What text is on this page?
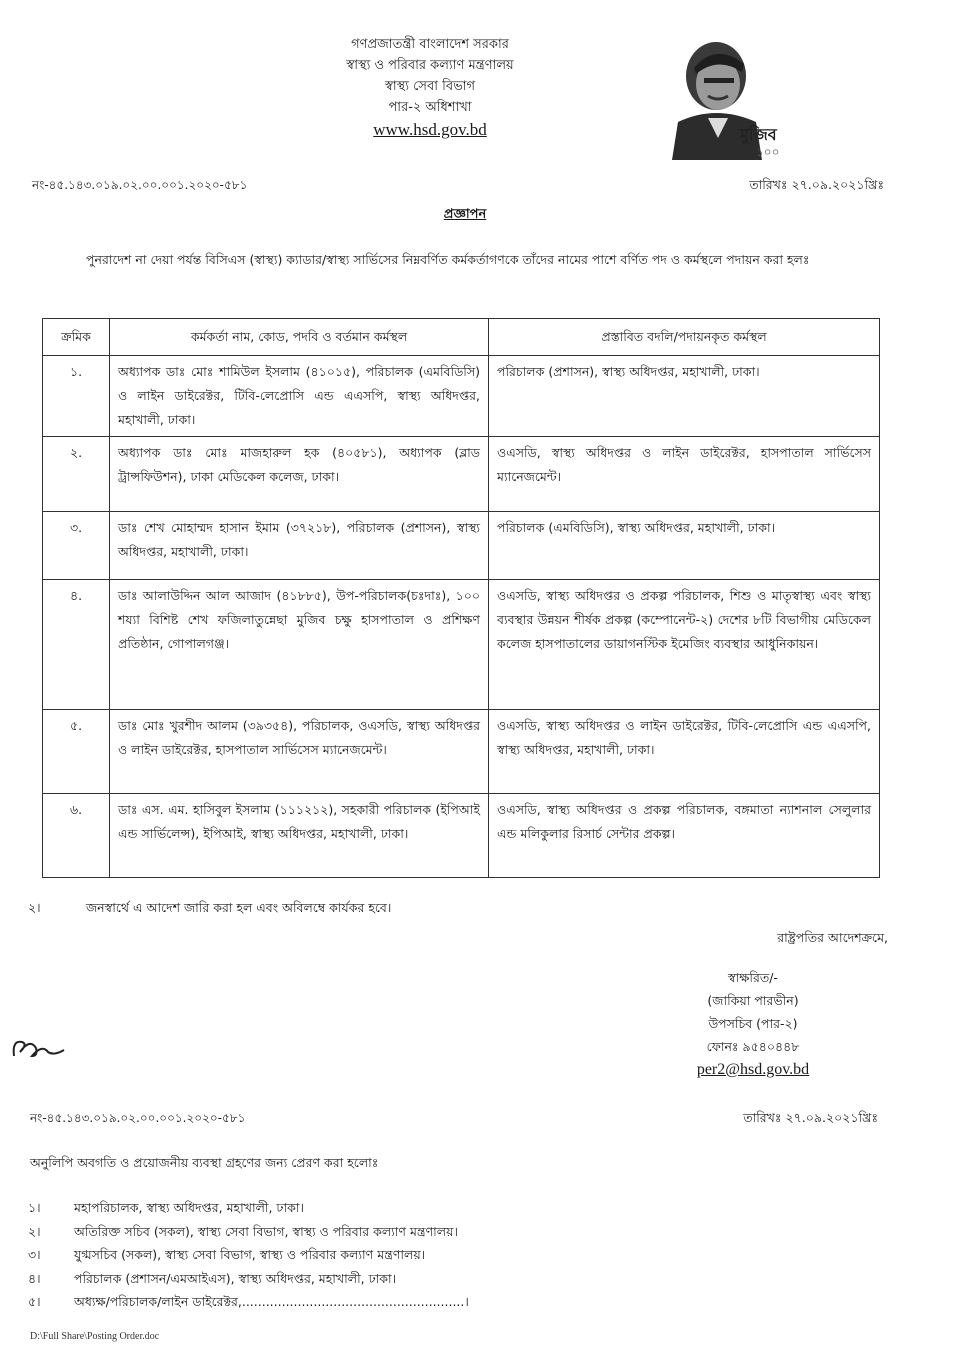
গণপ্রজাতন্ত্রী বাংলাদেশ সরকার
স্বাস্থ্য ও পরিবার কল্যাণ মন্ত্রণালয়
স্বাস্থ্য সেবা বিভাগ
পার-২ অধিশাখা
www.hsd.gov.bd	মুজিব
১০০
নং-৪৫.১৪৩.০১৯.০২.০০.০০১.২০২০-৫৮১	তারিখঃ ২৭.০৯.২০২১খ্রিঃ
প্রজ্ঞাপন
পুনরাদেশ না দেয়া পর্যন্ত বিসিএস (স্বাস্থ্য) ক্যাডার/স্বাস্থ্য সার্ভিসের নিম্নবর্ণিত কর্মকর্তাগণকে তাঁদের নামের পাশে বর্ণিত পদ ও কর্মস্থলে পদায়ন করা হলঃ
ক্রমিক	কর্মকর্তা নাম, কোড, পদবি ও বর্তমান কর্মস্থল	প্রস্তাবিত বদলি/পদায়নকৃত কর্মস্থল
১.	অধ্যাপক ডাঃ মোঃ শামিউল ইসলাম (৪১০১৫), পরিচালক (এমবিডিসি) ও লাইন ডাইরেক্টর, টিবি-লেপ্রোসি এন্ড এএসপি, স্বাস্থ্য অধিদপ্তর, মহাখালী, ঢাকা।	পরিচালক (প্রশাসন), স্বাস্থ্য অধিদপ্তর, মহাখালী, ঢাকা।
২.	অধ্যাপক ডাঃ মোঃ মাজহারুল হক (৪০৫৮১), অধ্যাপক (ব্লাড ট্রান্সফিউশন), ঢাকা মেডিকেল কলেজ, ঢাকা।	ওএসডি, স্বাস্থ্য অধিদপ্তর ও লাইন ডাইরেক্টর, হাসপাতাল সার্ভিসেস ম্যানেজমেন্ট।
৩.	ডাঃ শেখ মোহাম্মদ হাসান ইমাম (৩৭২১৮), পরিচালক (প্রশাসন), স্বাস্থ্য অধিদপ্তর, মহাখালী, ঢাকা।	পরিচালক (এমবিডিসি), স্বাস্থ্য অধিদপ্তর, মহাখালী, ঢাকা।
৪.	ডাঃ আলাউদ্দিন আল আজাদ (৪১৮৮৫), উপ-পরিচালক(চঃদাঃ), ১০০ শয্যা বিশিষ্ট শেখ ফজিলাতুন্নেছা মুজিব চক্ষু হাসপাতাল ও প্রশিক্ষণ প্রতিষ্ঠান, গোপালগঞ্জ।	ওএসডি, স্বাস্থ্য অধিদপ্তর ও প্রকল্প পরিচালক, শিশু ও মাতৃস্বাস্থ্য এবং স্বাস্থ্য ব্যবস্থার উন্নয়ন শীর্ষক প্রকল্প (কম্পোনেন্ট-২) দেশের ৮টি বিভাগীয় মেডিকেল কলেজ হাসপাতালের ডায়াগনস্টিক ইমেজিং ব্যবস্থার আধুনিকায়ন।
৫.	ডাঃ মোঃ খুরশীদ আলম (৩৯৩৫৪), পরিচালক, ওএসডি, স্বাস্থ্য অধিদপ্তর ও লাইন ডাইরেক্টর, হাসপাতাল সার্ভিসেস ম্যানেজমেন্ট।	ওএসডি, স্বাস্থ্য অধিদপ্তর ও লাইন ডাইরেক্টর, টিবি-লেপ্রোসি এন্ড এএসপি, স্বাস্থ্য অধিদপ্তর, মহাখালী, ঢাকা।
৬.	ডাঃ এস. এম. হাসিবুল ইসলাম (১১১২১২), সহকারী পরিচালক (ইপিআই এন্ড সার্ভিলেন্স), ইপিআই, স্বাস্থ্য অধিদপ্তর, মহাখালী, ঢাকা।	ওএসডি, স্বাস্থ্য অধিদপ্তর ও প্রকল্প পরিচালক, বঙ্গমাতা ন্যাশনাল সেলুলার এন্ড মলিকুলার রিসার্চ সেন্টার প্রকল্প।
২।	জনস্বার্থে এ আদেশ জারি করা হল এবং অবিলম্বে কার্যকর হবে।
রাষ্ট্রপতির আদেশক্রমে,
স্বাক্ষরিত/-
(জাকিয়া পারভীন)
উপসচিব (পার-২)
ফোনঃ ৯৫৪০৪৪৮
per2@hsd.gov.bd
নং-৪৫.১৪৩.০১৯.০২.০০.০০১.২০২০-৫৮১	তারিখঃ ২৭.০৯.২০২১খ্রিঃ
অনুলিপি অবগতি ও প্রয়োজনীয় ব্যবস্থা গ্রহণের জন্য প্রেরণ করা হলোঃ
১।	মহাপরিচালক, স্বাস্থ্য অধিদপ্তর, মহাখালী, ঢাকা।
২।	অতিরিক্ত সচিব (সকল), স্বাস্থ্য সেবা বিভাগ, স্বাস্থ্য ও পরিবার কল্যাণ মন্ত্রণালয়।
৩।	যুগ্মসচিব (সকল), স্বাস্থ্য সেবা বিভাগ, স্বাস্থ্য ও পরিবার কল্যাণ মন্ত্রণালয়।
৪।	পরিচালক (প্রশাসন/এমআইএস), স্বাস্থ্য অধিদপ্তর, মহাখালী, ঢাকা।
৫।	অধ্যক্ষ/পরিচালক/লাইন ডাইরেক্টর,........................................................।
D:\Full Share\Posting Order.doc
